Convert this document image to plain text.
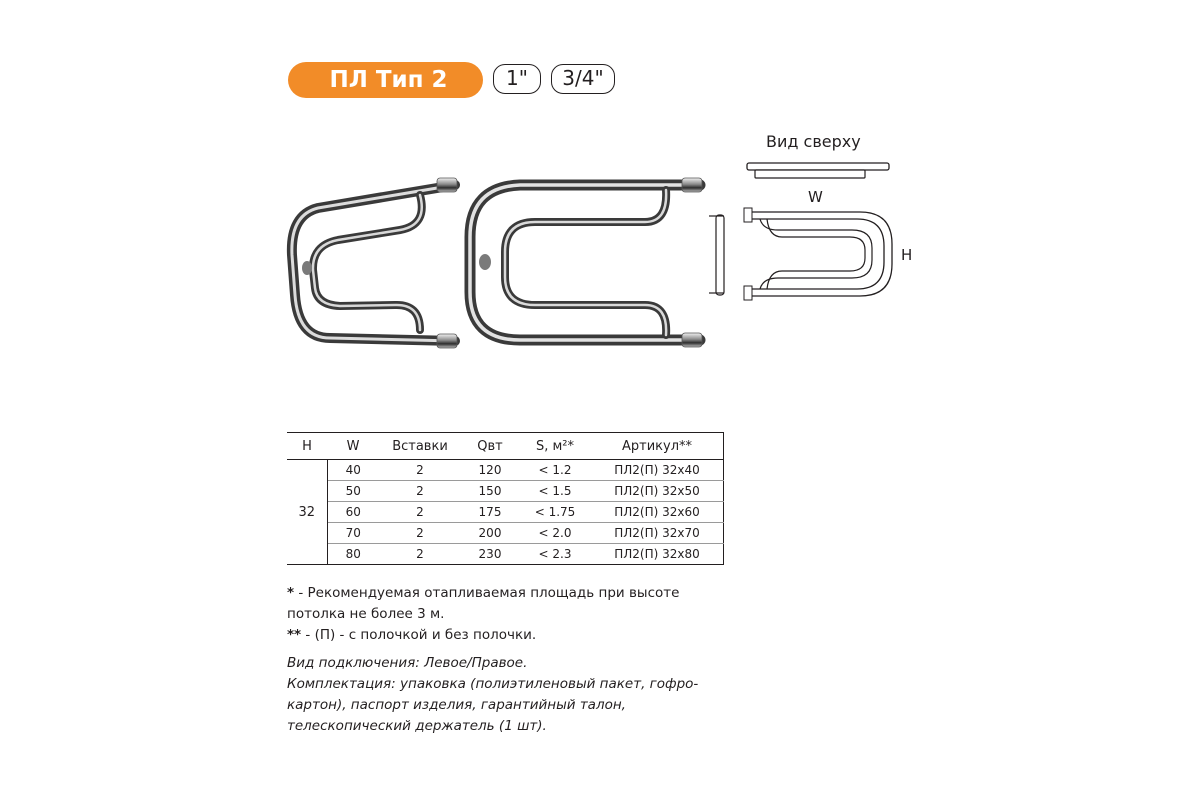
ПЛ Тип 2	1"	3/4"
Вид сверху
W
H
H	W	Вставки	Qвт	S, м²*	Артикул**
32	40	2	120	< 1.2	ПЛ2(П) 32х40
	50	2	150	< 1.5	ПЛ2(П) 32х50
	60	2	175	< 1.75	ПЛ2(П) 32х60
	70	2	200	< 2.0	ПЛ2(П) 32х70
	80	2	230	< 2.3	ПЛ2(П) 32х80

* - Рекомендуемая отапливаемая площадь при высоте потолка не более 3 м.

** - (П) - с полочкой и без полочки.

Вид подключения: Левое/Правое.

Комплектация: упаковка (полиэтиленовый пакет, гофро-картон), паспорт изделия, гарантийный талон, телескопический держатель (1 шт).
